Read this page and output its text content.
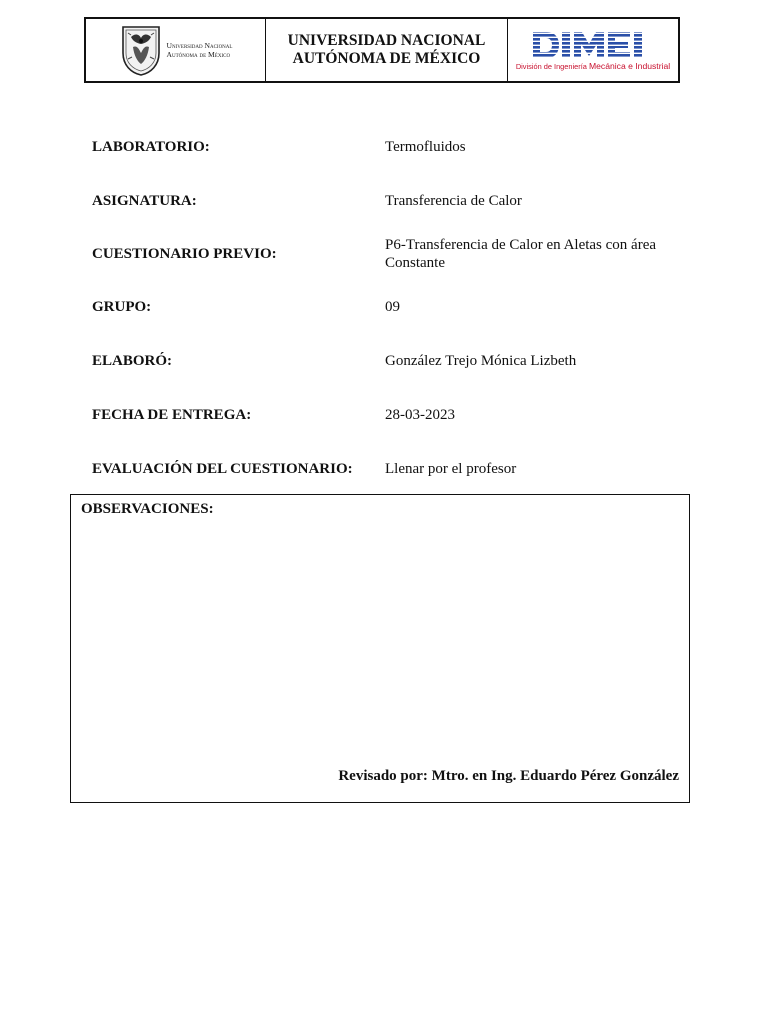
Universidad Nacional
Autónoma de México
UNIVERSIDAD NACIONAL
AUTÓNOMA DE MÉXICO	División de Ingeniería Mecánica e Industrial
LABORATORIO:	Termofluidos
ASIGNATURA:	Transferencia de Calor
CUESTIONARIO PREVIO:
P6-Transferencia de Calor en Aletas con área Constante
GRUPO:	09
ELABORÓ:	González Trejo Mónica Lizbeth
FECHA DE ENTREGA:	28-03-2023
EVALUACIÓN DEL CUESTIONARIO: Llenar por el profesor
OBSERVACIONES:
Revisado por: Mtro. en Ing. Eduardo Pérez González
